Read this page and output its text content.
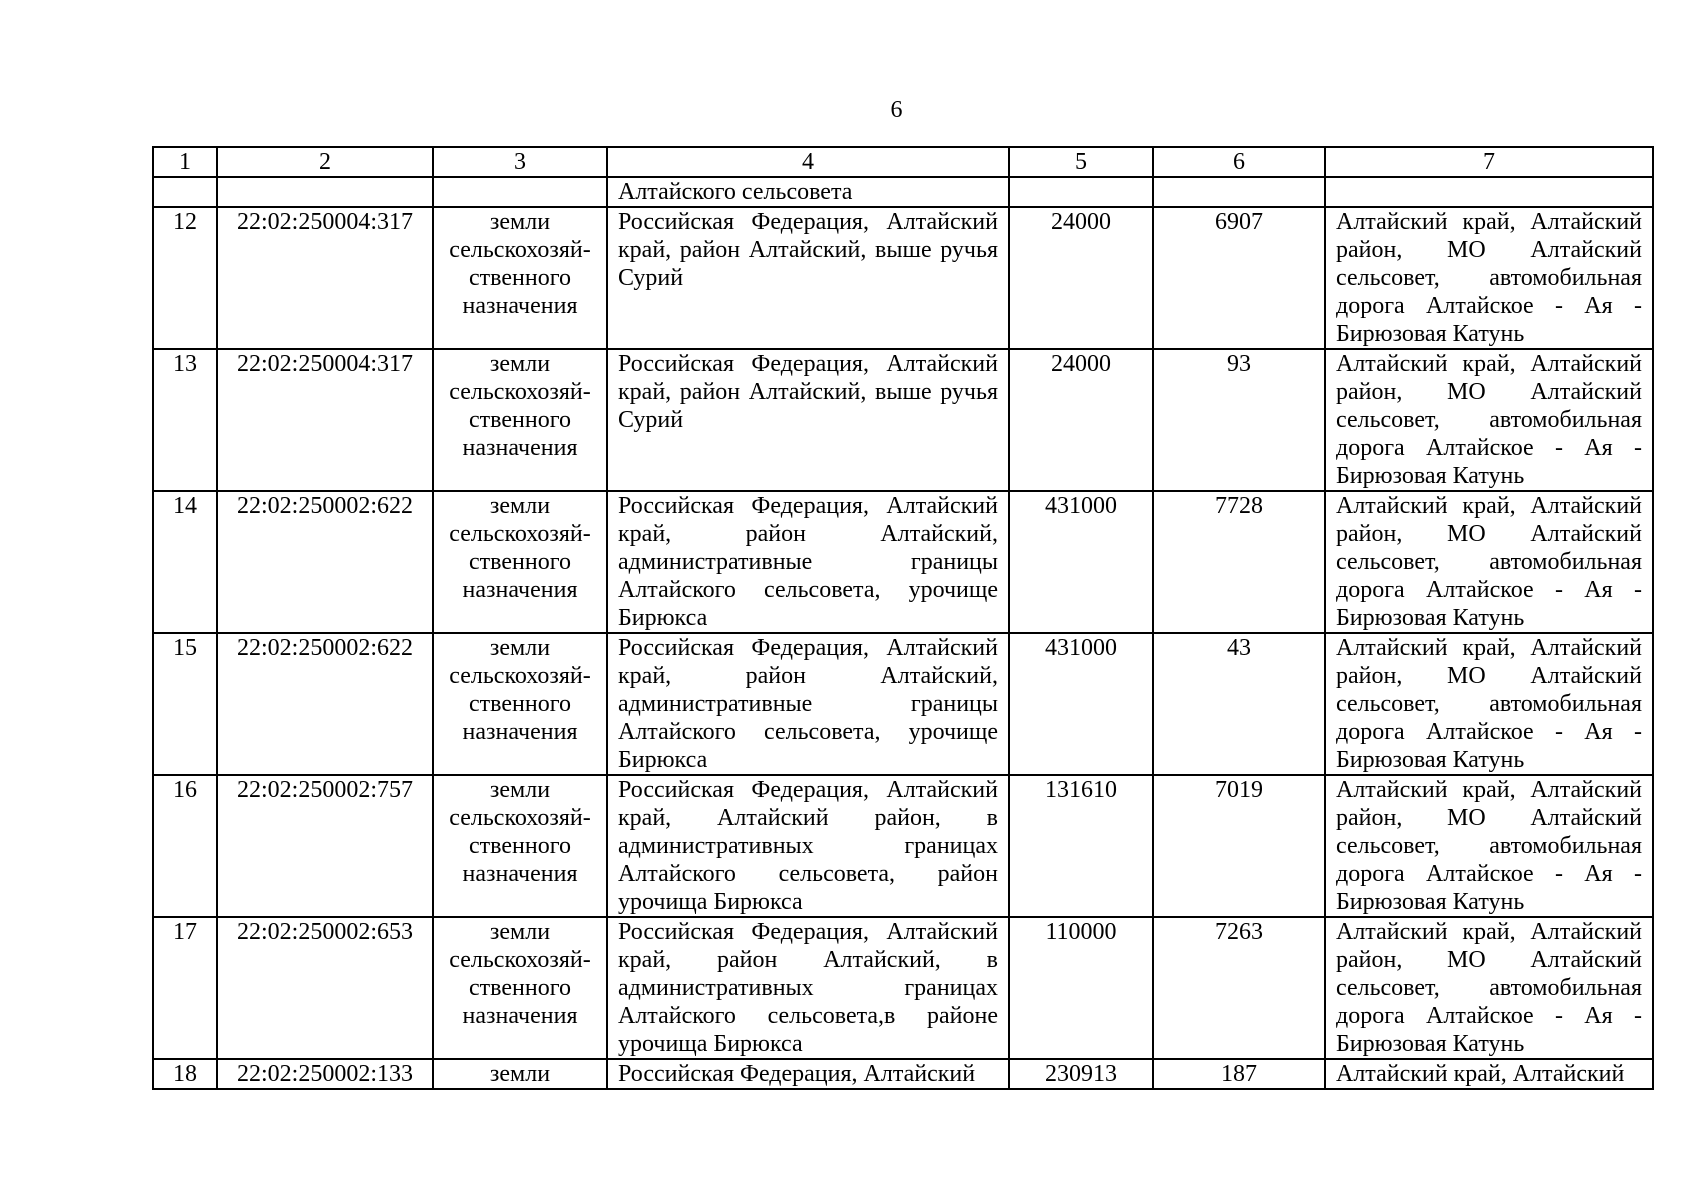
6
1	2	3	4	5	6	7
			Алтайского сельсовета			
12	22:02:250004:317	земли сельскохозяй-ственного назначения	Российская Федерация, Алтайский край, район Алтайский, выше ручья Сурий	24000	6907	Алтайский край, Алтайский район, МО Алтайский сельсовет, автомобильная дорога Алтайское - Ая - Бирюзовая Катунь
13	22:02:250004:317	земли сельскохозяй-ственного назначения	Российская Федерация, Алтайский край, район Алтайский, выше ручья Сурий	24000	93	Алтайский край, Алтайский район, МО Алтайский сельсовет, автомобильная дорога Алтайское - Ая - Бирюзовая Катунь
14	22:02:250002:622	земли сельскохозяй-ственного назначения	Российская Федерация, Алтайский край, район Алтайский, административные границы Алтайского сельсовета, урочище Бирюкса	431000	7728	Алтайский край, Алтайский район, МО Алтайский сельсовет, автомобильная дорога Алтайское - Ая - Бирюзовая Катунь
15	22:02:250002:622	земли сельскохозяй-ственного назначения	Российская Федерация, Алтайский край, район Алтайский, административные границы Алтайского сельсовета, урочище Бирюкса	431000	43	Алтайский край, Алтайский район, МО Алтайский сельсовет, автомобильная дорога Алтайское - Ая - Бирюзовая Катунь
16	22:02:250002:757	земли сельскохозяй-ственного назначения	Российская Федерация, Алтайский край, Алтайский район, в административных границах Алтайского сельсовета, район урочища Бирюкса	131610	7019	Алтайский край, Алтайский район, МО Алтайский сельсовет, автомобильная дорога Алтайское - Ая - Бирюзовая Катунь
17	22:02:250002:653	земли сельскохозяй-ственного назначения	Российская Федерация, Алтайский край, район Алтайский, в административных границах Алтайского сельсовета,в районе урочища Бирюкса	110000	7263	Алтайский край, Алтайский район, МО Алтайский сельсовет, автомобильная дорога Алтайское - Ая - Бирюзовая Катунь
18	22:02:250002:133	земли	Российская Федерация, Алтайский	230913	187	Алтайский край, Алтайский
